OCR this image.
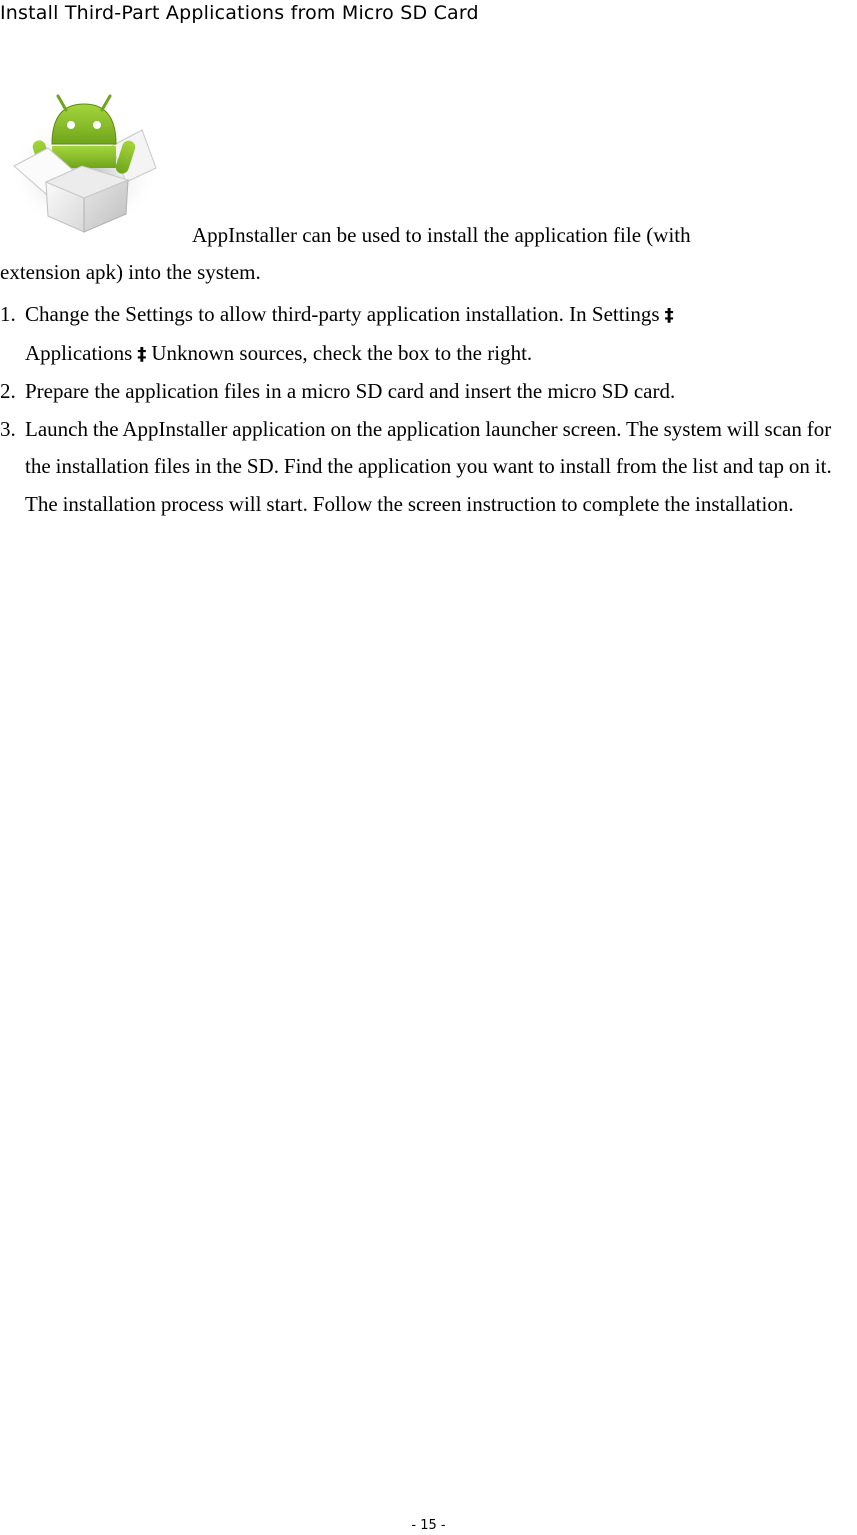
Install Third-Part Applications from Micro SD Card
AppInstaller can be used to install the application file (with
extension apk) into the system.
1. Change the Settings to allow third-party application installation. In Settings ‡
Applications ‡ Unknown sources, check the box to the right.
2. Prepare the application files in a micro SD card and insert the micro SD card.
3. Launch the AppInstaller application on the application launcher screen. The system will scan for the installation files in the SD. Find the application you want to install from the list and tap on it. The installation process will start. Follow the screen instruction to complete the installation.
- 15 -
